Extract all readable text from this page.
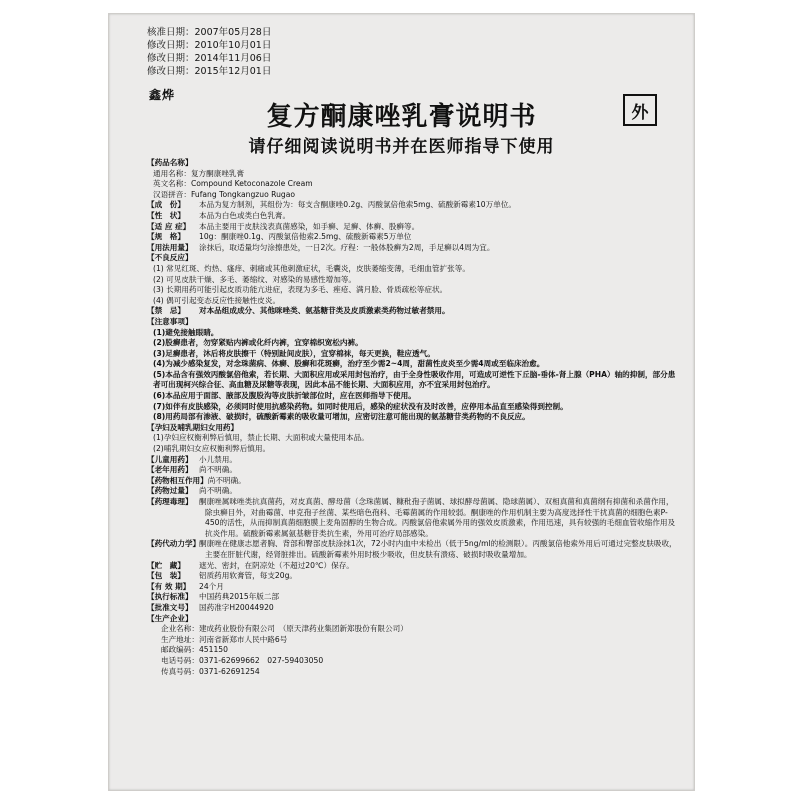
核准日期：2007年05月28日
修改日期：2010年10月01日
修改日期：2014年11月06日
修改日期：2015年12月01日
鑫烨
外
复方酮康唑乳膏说明书
请仔细阅读说明书并在医师指导下使用
【药品名称】
通用名称：复方酮康唑乳膏
英文名称：Compound Ketoconazole Cream
汉语拼音：Fufang Tongkangzuo Rugao
【成　份】	本品为复方制剂，其组份为：每支含酮康唑0.2g、丙酸氯倍他索5mg、硫酸新霉素10万单位。
【性　状】	本品为白色或类白色乳膏。
【适 应 症】	本品主要用于皮肤浅表真菌感染，如手癣、足癣、体癣、股癣等。
【规　格】	10g：酮康唑0.1g、丙酸氯倍他索2.5mg、硫酸新霉素5万单位
【用法用量】 涂抹后，取适量均匀涂擦患处，一日2次。疗程：一般体股癣为2周，手足癣以4周为宜。
【不良反应】
(1) 常见红斑、灼热、瘙痒、刺痛或其他刺激症状，毛囊炎，皮肤萎缩变薄，毛细血管扩张等。
(2) 可见皮肤干燥、多毛、萎缩纹、对感染的易感性增加等。
(3) 长期用药可能引起皮质功能亢进症，表现为多毛、痤疮、满月脸、骨质疏松等症状。
(4) 偶可引起变态反应性接触性皮炎。
【禁　忌】	对本品组成成分、其他咪唑类、氨基糖苷类及皮质激素类药物过敏者禁用。
【注意事项】
(1)避免接触眼睛。
(2)股癣患者，勿穿紧贴内裤或化纤内裤，宜穿棉织宽松内裤。
(3)足癣患者，沐后将皮肤擦干（特别趾间皮肤），宜穿棉袜，每天更换，鞋应透气。
(4)为减少感染复发，对念珠菌病、体癣、股癣和花斑癣，治疗至少需2~4周，甜菌性皮炎至少需4周或至临床治愈。
(5)本品含有强效丙酸氯倍他索，若长期、大面积应用或采用封包治疗，由于全身性吸收作用，可造成可逆性下丘脑-垂体-肾上腺（PHA）轴的抑制，部分患者可出现柯兴综合征、高血糖及尿糖等表现，因此本品不能长期、大面积应用，亦不宜采用封包治疗。
(6)本品应用于面部、腋部及腹股沟等皮肤折皱部位时，应在医师指导下使用。
(7)如伴有皮肤感染，必须同时使用抗感染药物。如同时使用后，感染的症状没有及时改善，应停用本品直至感染得到控制。
(8)用药局部有渗液、破损时，硫酸新霉素的吸收量可增加，应密切注意可能出现的氨基糖苷类药物的不良反应。
【孕妇及哺乳期妇女用药】
(1)孕妇应权衡利弊后慎用，禁止长期、大面积或大量使用本品。
(2)哺乳期妇女应权衡利弊后慎用。
【儿童用药】 小儿禁用。
【老年用药】 尚不明确。
【药物相互作用】 尚不明确。
【药物过量】 尚不明确。
【药理毒理】 酮康唑属咪唑类抗真菌药，对皮真菌、酵母菌（念珠菌属、糠秕孢子菌属、球拟酵母菌属、隐球菌属）、双相真菌和真菌纲有抑菌和杀菌作用，除虫癣目外，对曲霉菌、申克孢子丝菌、某些暗色孢科、毛霉菌属的作用较弱。酮康唑的作用机制主要为高度选择性干扰真菌的细胞色素P-450的活性，从而抑制真菌细胞膜上麦角固醇的生物合成。丙酸氯倍他索属外用的强效皮质激素，作用迅速，具有较强的毛细血管收缩作用及抗炎作用。硫酸新霉素属氨基糖苷类抗生素，外用可治疗局部感染。
【药代动力学】酮康唑在健康志愿者胸、背部和臀部皮肤涂抹1次，72小时内血中未检出（低于5ng/ml的检测限）。丙酸氯倍他索外用后可通过完整皮肤吸收，主要在肝脏代谢，经肾脏排出。硫酸新霉素外用时极少吸收，但皮肤有溃疡、破损时吸收量增加。
【贮　藏】	遮光、密封，在阴凉处（不超过20℃）保存。
【包　装】	铝质药用软膏管，每支20g。
【有 效 期】	24个月
【执行标准】 中国药典2015年版二部
【批准文号】 国药准字H20044920
【生产企业】
企业名称：建成药业股份有限公司　（原天津药业集团新郑股份有限公司）
生产地址：河南省新郑市人民中路6号
邮政编码：451150
电话号码：0371-62699662　027-59403050
传真号码：0371-62691254
